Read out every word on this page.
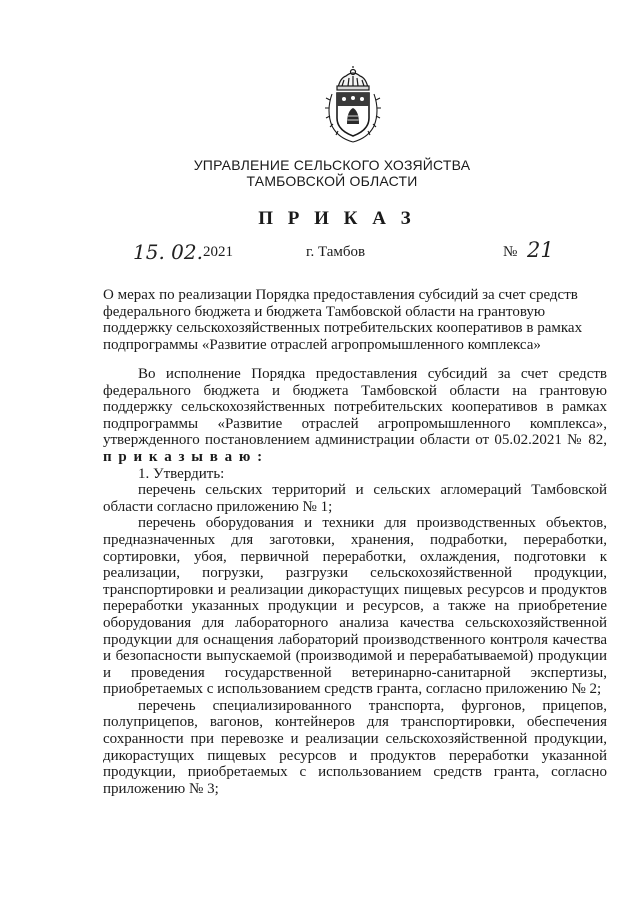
УПРАВЛЕНИЕ СЕЛЬСКОГО ХОЗЯЙСТВА
ТАМБОВСКОЙ ОБЛАСТИ
П Р И К А З
15. 02. 2021	г. Тамбов	№ 21
О мерах по реализации Порядка предоставления субсидий за счет средств
федерального бюджета и бюджета Тамбовской области на грантовую
поддержку сельскохозяйственных потребительских кооперативов в рамках
подпрограммы «Развитие отраслей агропромышленного комплекса»
Во исполнение Порядка предоставления субсидий за счет средств
федерального бюджета и бюджета Тамбовской области на грантовую
поддержку сельскохозяйственных потребительских кооперативов в рамках
подпрограммы «Развитие отраслей агропромышленного комплекса»,
утвержденного постановлением администрации области от 05.02.2021 № 82,
п р и к а з ы в а ю :
1. Утвердить:
перечень сельских территорий и сельских агломераций Тамбовской
области согласно приложению № 1;
перечень оборудования и техники для производственных объектов,
предназначенных для заготовки, хранения, подработки, переработки,
сортировки, убоя, первичной переработки, охлаждения, подготовки к
реализации, погрузки, разгрузки сельскохозяйственной продукции,
транспортировки и реализации дикорастущих пищевых ресурсов и продуктов
переработки указанных продукции и ресурсов, а также на приобретение
оборудования для лабораторного анализа качества сельскохозяйственной
продукции для оснащения лабораторий производственного контроля качества
и безопасности выпускаемой (производимой и перерабатываемой) продукции
и проведения государственной ветеринарно-санитарной экспертизы,
приобретаемых с использованием средств гранта, согласно приложению № 2;
перечень специализированного транспорта, фургонов, прицепов,
полуприцепов, вагонов, контейнеров для транспортировки, обеспечения
сохранности при перевозке и реализации сельскохозяйственной продукции,
дикорастущих пищевых ресурсов и продуктов переработки указанной
продукции, приобретаемых с использованием средств гранта, согласно
приложению № 3;
